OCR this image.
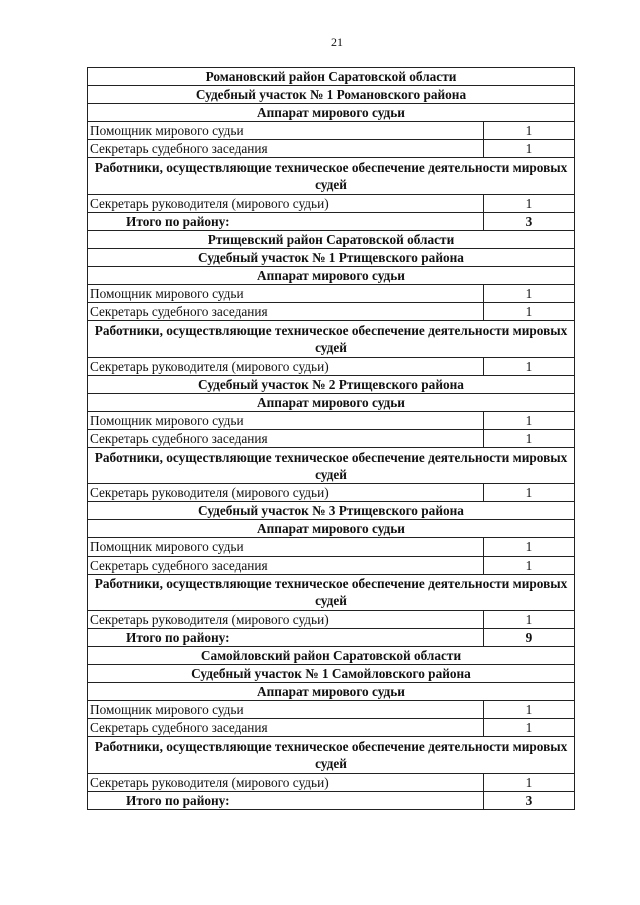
21
Романовский район Саратовской области	
Судебный участок № 1 Романовского района	
Аппарат мирового судьи	
Помощник мирового судьи	1
Секретарь судебного заседания	1
Работники, осуществляющие техническое обеспечение деятельности мировых судей	
Секретарь руководителя (мирового судьи)	1
Итого по району:	3
Ртищевский район Саратовской области	
Судебный участок № 1 Ртищевского района	
Аппарат мирового судьи	
Помощник мирового судьи	1
Секретарь судебного заседания	1
Работники, осуществляющие техническое обеспечение деятельности мировых судей	
Секретарь руководителя (мирового судьи)	1
Судебный участок № 2 Ртищевского района	
Аппарат мирового судьи	
Помощник мирового судьи	1
Секретарь судебного заседания	1
Работники, осуществляющие техническое обеспечение деятельности мировых судей	
Секретарь руководителя (мирового судьи)	1
Судебный участок № 3 Ртищевского района	
Аппарат мирового судьи	
Помощник мирового судьи	1
Секретарь судебного заседания	1
Работники, осуществляющие техническое обеспечение деятельности мировых судей	
Секретарь руководителя (мирового судьи)	1
Итого по району:	9
Самойловский район Саратовской области	
Судебный участок № 1 Самойловского района	
Аппарат мирового судьи	
Помощник мирового судьи	1
Секретарь судебного заседания	1
Работники, осуществляющие техническое обеспечение деятельности мировых судей	
Секретарь руководителя (мирового судьи)	1
Итого по району:	3
